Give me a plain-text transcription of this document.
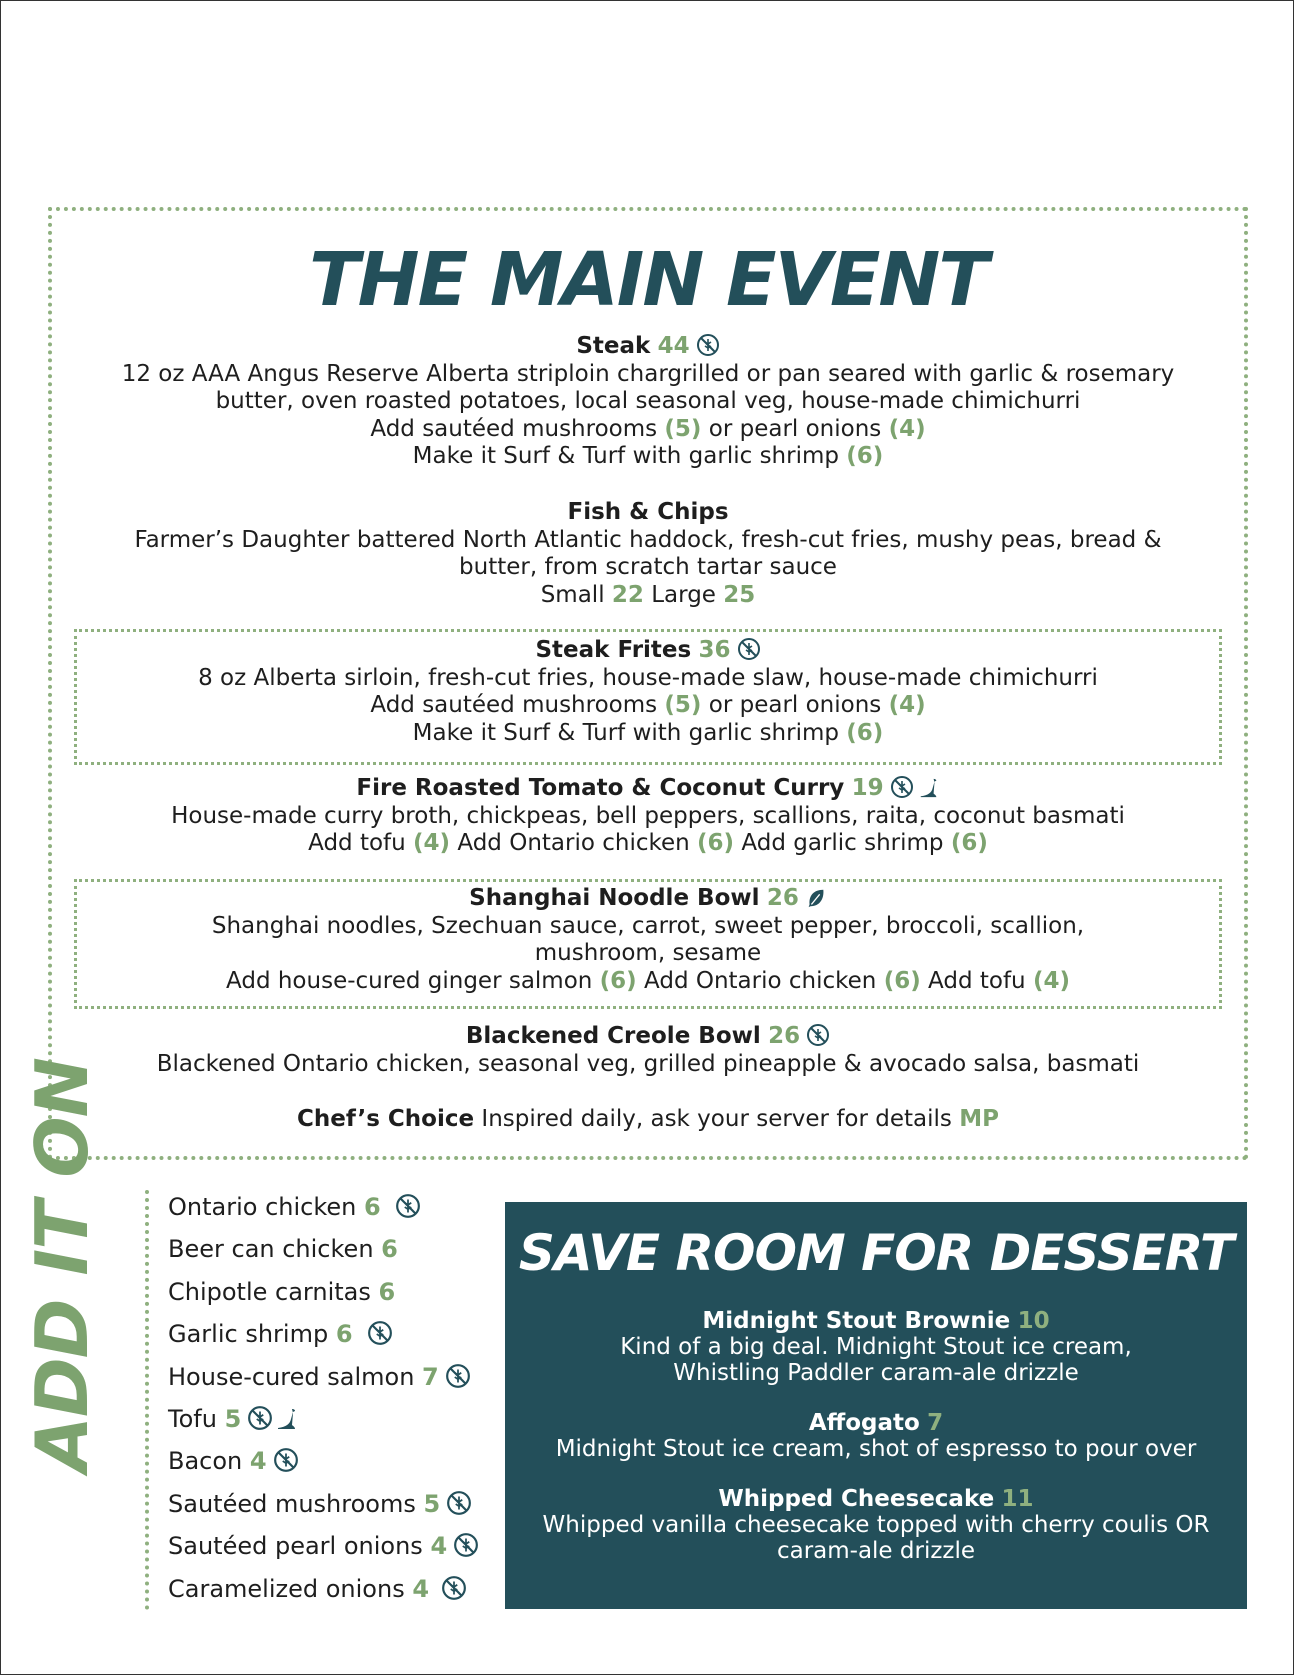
THE MAIN EVENT
Steak 44
12 oz AAA Angus Reserve Alberta striploin chargrilled or pan seared with garlic & rosemary
butter, oven roasted potatoes, local seasonal veg, house-made chimichurri
Add sautéed mushrooms (5) or pearl onions (4)
Make it Surf & Turf with garlic shrimp (6)
Fish & Chips
Farmer’s Daughter battered North Atlantic haddock, fresh-cut fries, mushy peas, bread &
butter, from scratch tartar sauce
Small 22 Large 25
Steak Frites 36
8 oz Alberta sirloin, fresh-cut fries, house-made slaw, house-made chimichurri
Add sautéed mushrooms (5) or pearl onions (4)
Make it Surf & Turf with garlic shrimp (6)
Fire Roasted Tomato & Coconut Curry 19
House-made curry broth, chickpeas, bell peppers, scallions, raita, coconut basmati
Add tofu (4) Add Ontario chicken (6) Add garlic shrimp (6)
Shanghai Noodle Bowl 26
Shanghai noodles, Szechuan sauce, carrot, sweet pepper, broccoli, scallion,
mushroom, sesame
Add house-cured ginger salmon (6) Add Ontario chicken (6) Add tofu (4)
Blackened Creole Bowl 26
Blackened Ontario chicken, seasonal veg, grilled pineapple & avocado salsa, basmati
Chef’s Choice Inspired daily, ask your server for details MP
ADD IT ON	Ontario chicken 6
Beer can chicken 6
Chipotle carnitas 6
Garlic shrimp 6
House-cured salmon 7
Tofu 5
Bacon 4
Sautéed mushrooms 5
Sautéed pearl onions 4
Caramelized onions 4
SAVE ROOM FOR DESSERT
Midnight Stout Brownie 10
Kind of a big deal. Midnight Stout ice cream,
Whistling Paddler caram-ale drizzle
Affogato 7
Midnight Stout ice cream, shot of espresso to pour over
Whipped Cheesecake 11
Whipped vanilla cheesecake topped with cherry coulis OR
caram-ale drizzle
